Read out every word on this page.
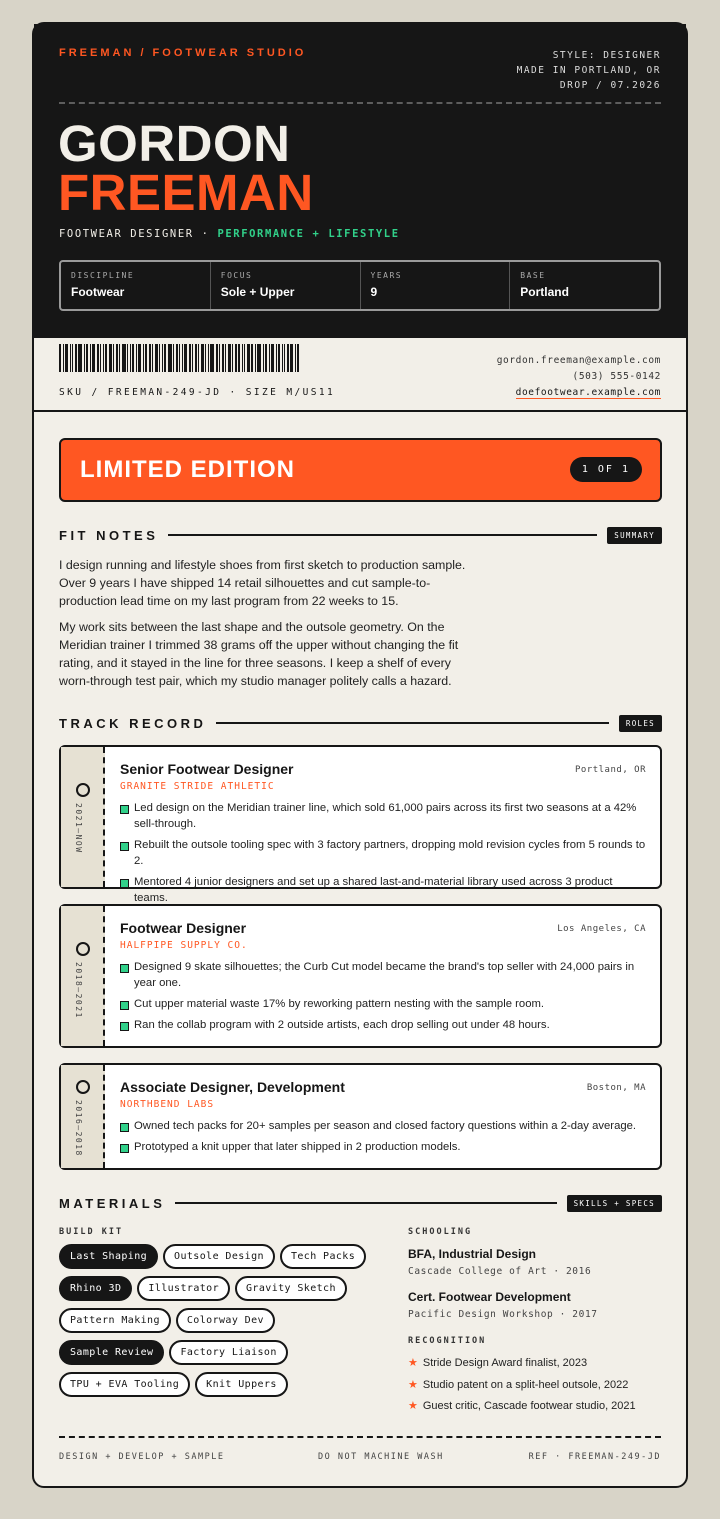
FREEMAN / FOOTWEAR STUDIO	STYLE: DESIGNER
MADE IN PORTLAND, OR
DROP / 07.2026
GORDON
FREEMAN
FOOTWEAR DESIGNER · PERFORMANCE + LIFESTYLE
DISCIPLINE
Footwear
FOCUS
Sole + Upper
YEARS
9
BASE
Portland
SKU / FREEMAN-249-JD · SIZE M/US11
gordon.freeman@example.com
(503) 555-0142
doefootwear.example.com
LIMITED EDITION	1 OF 1
FIT NOTES	SUMMARY

I design running and lifestyle shoes from first sketch to production sample. Over 9 years I have shipped 14 retail silhouettes and cut sample-to-production lead time on my last program from 22 weeks to 15.

My work sits between the last shape and the outsole geometry. On the Meridian trainer I trimmed 38 grams off the upper without changing the fit rating, and it stayed in the line for three seasons. I keep a shelf of every worn-through test pair, which my studio manager politely calls a hazard.

TRACK RECORD	ROLES
2021–NOW
Senior Footwear Designer	Portland, OR
GRANITE STRIDE ATHLETIC
Led design on the Meridian trainer line, which sold 61,000 pairs across its first two seasons at a 42% sell-through.
Rebuilt the outsole tooling spec with 3 factory partners, dropping mold revision cycles from 5 rounds to 2.
Mentored 4 junior designers and set up a shared last-and-material library used across 3 product teams.
2018–2021
Footwear Designer	Los Angeles, CA
HALFPIPE SUPPLY CO.
Designed 9 skate silhouettes; the Curb Cut model became the brand's top seller with 24,000 pairs in year one.
Cut upper material waste 17% by reworking pattern nesting with the sample room.
Ran the collab program with 2 outside artists, each drop selling out under 48 hours.
2016–2018
Associate Designer, Development	Boston, MA
NORTHBEND LABS
Owned tech packs for 20+ samples per season and closed factory questions within a 2-day average.
Prototyped a knit upper that later shipped in 2 production models.
MATERIALS	SKILLS + SPECS
BUILD KIT
Last Shaping	Outsole Design	Tech Packs
Rhino 3D	Illustrator	Gravity Sketch
Pattern Making	Colorway Dev
Sample Review	Factory Liaison
TPU + EVA Tooling	Knit Uppers
SCHOOLING
BFA, Industrial Design
Cascade College of Art · 2016
Cert. Footwear Development
Pacific Design Workshop · 2017
RECOGNITION
★ Stride Design Award finalist, 2023
★ Studio patent on a split-heel outsole, 2022
★ Guest critic, Cascade footwear studio, 2021
DESIGN + DEVELOP + SAMPLE	DO NOT MACHINE WASH	REF · FREEMAN-249-JD
